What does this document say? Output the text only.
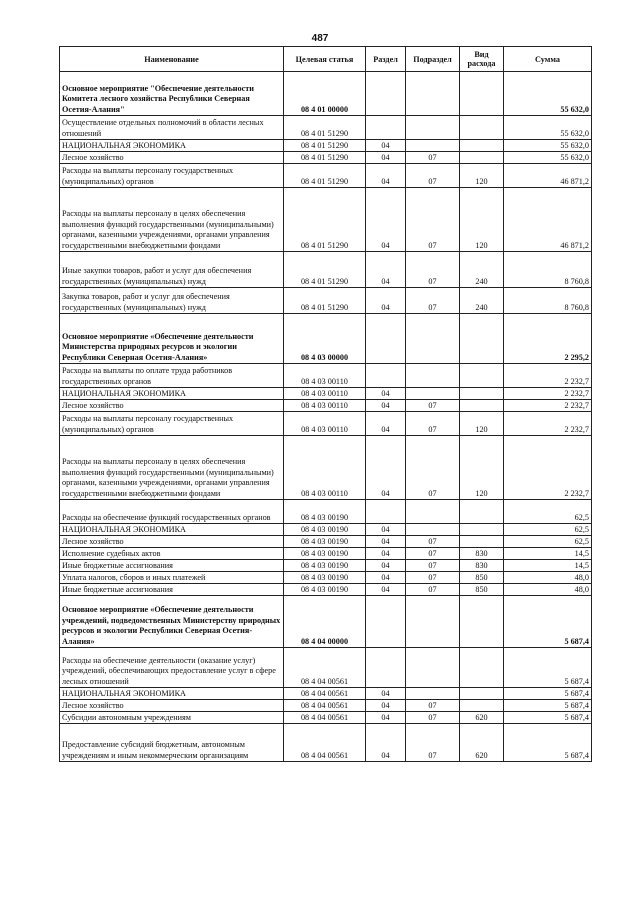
487
Наименование	Целевая статья	Раздел	Подраздел	Вид расхода	Сумма
Основное мероприятие "Обеспечение деятельности Комитета лесного хозяйства Республики Северная Осетия-Алания"	08 4 01 00000				55 632,0
Осуществление отдельных полномочий в области лесных отношений	08 4 01 51290				55 632,0
НАЦИОНАЛЬНАЯ ЭКОНОМИКА	08 4 01 51290	04			55 632,0
Лесное хозяйство	08 4 01 51290	04	07		55 632,0
Расходы на выплаты персоналу государственных (муниципальных) органов	08 4 01 51290	04	07	120	46 871,2
Расходы на выплаты персоналу в целях обеспечения выполнения функций государственными (муниципальными) органами, казенными учреждениями, органами управления государственными внебюджетными фондами	08 4 01 51290	04	07	120	46 871,2
Иные закупки товаров, работ и услуг для обеспечения государственных (муниципальных) нужд	08 4 01 51290	04	07	240	8 760,8
Закупка товаров, работ и услуг для обеспечения государственных (муниципальных) нужд	08 4 01 51290	04	07	240	8 760,8
Основное мероприятие «Обеспечение деятельности Министерства природных ресурсов и экологии Республики Северная Осетия-Алания»	08 4 03 00000				2 295,2
Расходы на выплаты по оплате труда работников государственных органов	08 4 03 00110				2 232,7
НАЦИОНАЛЬНАЯ ЭКОНОМИКА	08 4 03 00110	04			2 232,7
Лесное хозяйство	08 4 03 00110	04	07		2 232,7
Расходы на выплаты персоналу государственных (муниципальных) органов	08 4 03 00110	04	07	120	2 232,7
Расходы на выплаты персоналу в целях обеспечения выполнения функций государственными (муниципальными) органами, казенными учреждениями, органами управления государственными внебюджетными фондами	08 4 03 00110	04	07	120	2 232,7
Расходы на обеспечение функций государственных органов	08 4 03 00190				62,5
НАЦИОНАЛЬНАЯ ЭКОНОМИКА	08 4 03 00190	04			62,5
Лесное хозяйство	08 4 03 00190	04	07		62,5
Исполнение судебных актов	08 4 03 00190	04	07	830	14,5
Иные бюджетные ассигнования	08 4 03 00190	04	07	830	14,5
Уплата налогов, сборов и иных платежей	08 4 03 00190	04	07	850	48,0
Иные бюджетные ассигнования	08 4 03 00190	04	07	850	48,0
Основное мероприятие «Обеспечение деятельности учреждений, подведомственных Министерству природных ресурсов и экологии Республики Северная Осетия-Алания»	08 4 04 00000				5 687,4
Расходы на обеспечение деятельности (оказание услуг) учреждений, обеспечивающих предоставление услуг в сфере лесных отношений	08 4 04 00561				5 687,4
НАЦИОНАЛЬНАЯ ЭКОНОМИКА	08 4 04 00561	04			5 687,4
Лесное хозяйство	08 4 04 00561	04	07		5 687,4
Субсидии автономным учреждениям	08 4 04 00561	04	07	620	5 687,4
Предоставление субсидий бюджетным, автономным учреждениям и иным некоммерческим организациям	08 4 04 00561	04	07	620	5 687,4
